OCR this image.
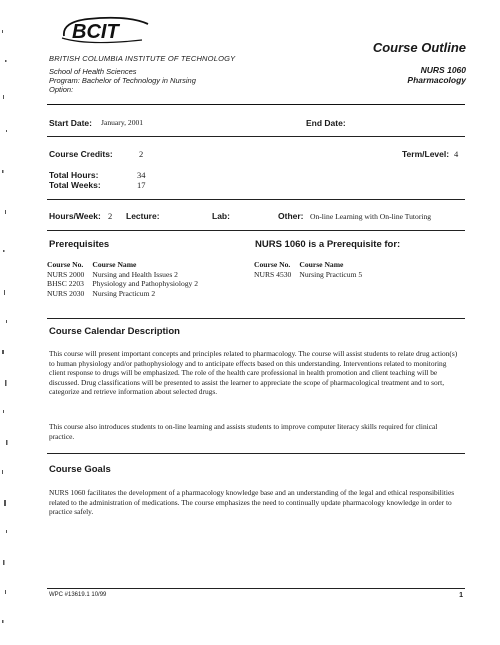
BCIT
BRITISH COLUMBIA INSTITUTE OF TECHNOLOGY
School of Health Sciences
Program: Bachelor of Technology in Nursing
Option:
Course Outline
NURS 1060
Pharmacology
Start Date: January, 2001	End Date:
Course Credits:	2	Term/Level: 4
Total Hours:	34
Total Weeks:	17
Hours/Week: 2 Lecture:	Lab:	Other: On-line Learning with On-line Tutoring
Prerequisites
Course No.	Course Name
NURS 2000	Nursing and Health Issues 2
BHSC 2203	Physiology and Pathophysiology 2
NURS 2030	Nursing Practicum 2
NURS 1060 is a Prerequisite for:
Course No.	Course Name
NURS 4530	Nursing Practicum 5
Course Calendar Description
This course will present important concepts and principles related to pharmacology. The course will assist students to relate drug action(s) to human physiology and/or pathophysiology and to anticipate effects based on this understanding. Interventions related to monitoring client response to drugs will be emphasized. The role of the health care professional in health promotion and client teaching will be discussed. Drug classifications will be presented to assist the learner to appreciate the scope of pharmacological treatment and to sort, categorize and retrieve information about selected drugs.
This course also introduces students to on-line learning and assists students to improve computer literacy skills required for clinical practice.
Course Goals
NURS 1060 facilitates the development of a pharmacology knowledge base and an understanding of the legal and ethical responsibilities related to the administration of medications. The course emphasizes the need to continually update pharmacology knowledge in order to practice safely.
WPC #13619.1 10/99	1
